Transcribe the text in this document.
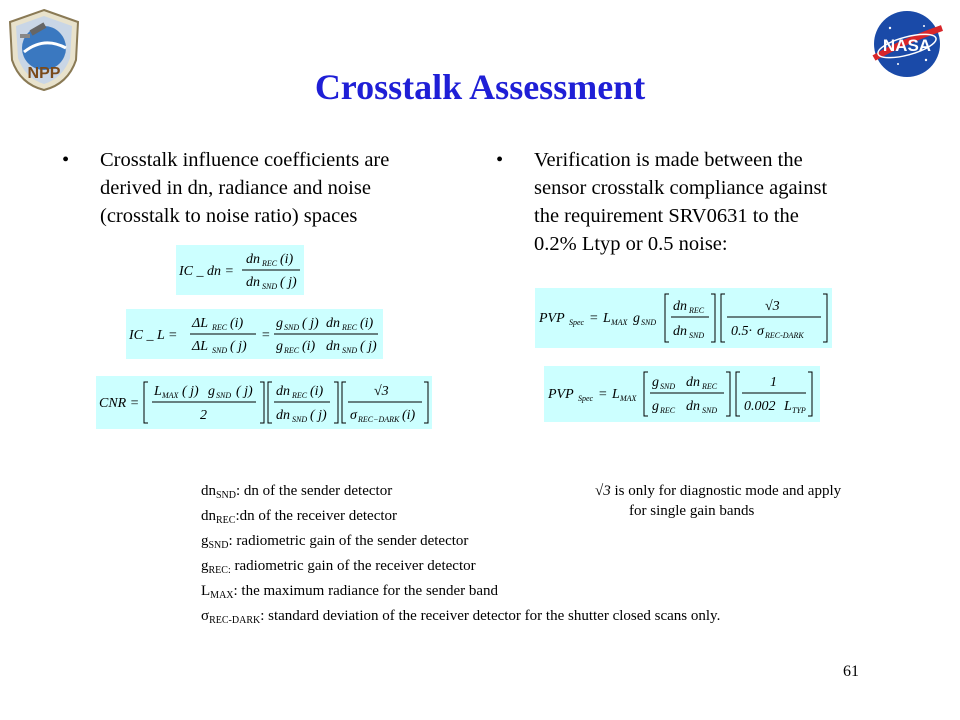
NPP
NASA
Crosstalk Assessment
• Crosstalk influence coefficients are
derived in dn, radiance and noise
(crosstalk to noise ratio) spaces
• Verification is made between the
sensor crosstalk compliance against
the requirement SRV0631 to the
0.2% Ltyp or 0.5 noise:
IC _ dn =
dn REC (i)
dn SND ( j)
IC _ L =
ΔL REC (i)
ΔL SND ( j)
=
g SND ( j) dn REC (i)
g REC (i) dn SND ( j)
CNR =
L MAX ( j) g SND ( j)
2
dn REC (i)
dn SND ( j)
√3
σ REC−DARK (i)
PVP Spec = L MAX g SND
dn REC
dn SND
√3
0.5· σ REC-DARK
PVP Spec = L MAX
g SND dn REC
g REC dn SND
1
0.002 L TYP
$dn_{SND}$: dn of the sender detector
$dn_{REC}:dn$ of the receiver detector
$g_{SND}$: radiometric gain of the sender detector
$g_{REC:}$ radiometric gain of the receiver detector
$L_{MAX}$: the maximum radiance for the sender band
$\sigma_{REC-DARK}$: standard deviation of the receiver detector for the shutter closed scans only.
√3 is only for diagnostic mode and apply
for single gain bands
61
